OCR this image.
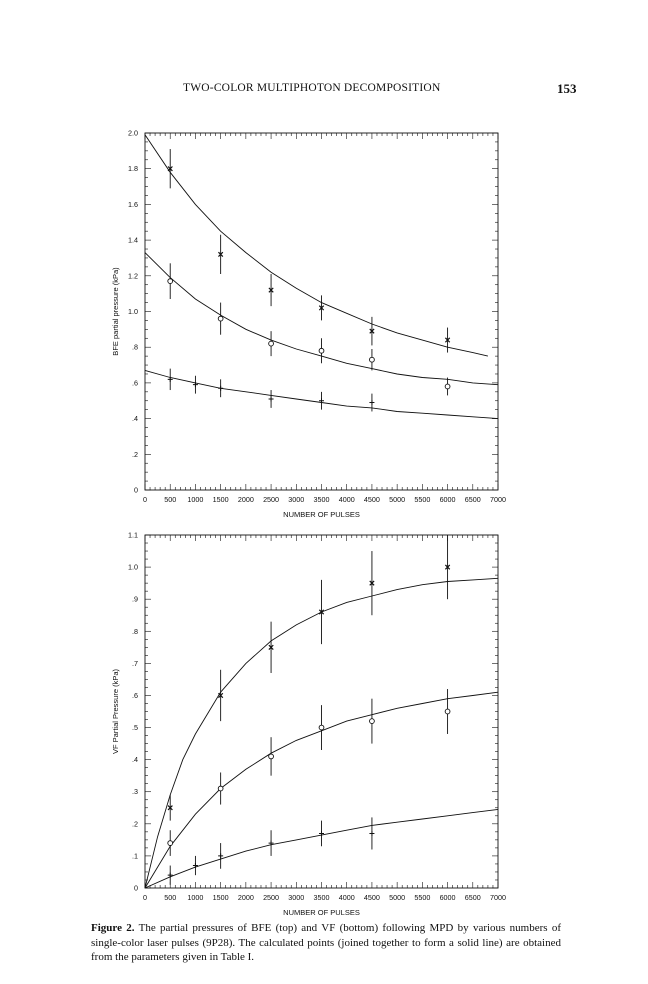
TWO-COLOR MULTIPHOTON DECOMPOSITION	153
0 500 1000 1500 2000 2500 3000 3500 4000 4500 5000 5500 6000 6500 7000
0
.2
.4
.6
.8
1.0
1.2
1.4
1.6
1.8
2.0
NUMBER OF PULSES
BFE partial pressure (kPa)
0 500 1000 1500 2000 2500 3000 3500 4000 4500 5000 5500 6000 6500 7000
0
.1
.2
.3
.4
.5
.6
.7
.8
.9
1.0
1.1
NUMBER OF PULSES
VF Partial Pressure (kPa)
Figure 2. The partial pressures of BFE (top) and VF (bottom) following MPD by various numbers of single-color laser pulses (9P28). The calculated points (joined together to form a solid line) are obtained from the parameters given in Table I.
